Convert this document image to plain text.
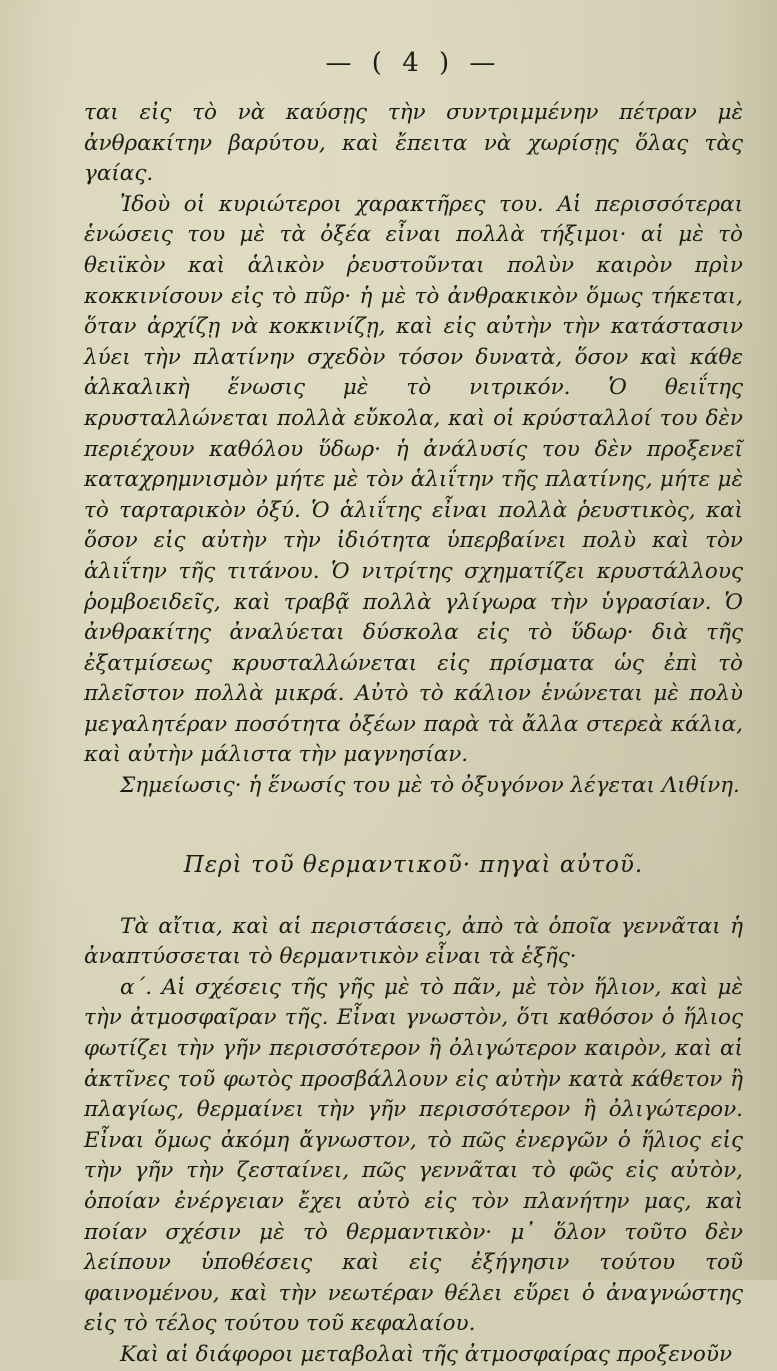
— ( 4 ) —

ται εἰς τὸ νὰ καύσῃς τὴν συντριμμένην πέτραν μὲ ἀνθρακίτην βαρύτου, καὶ ἔπειτα νὰ χωρίσῃς ὅλας τὰς γαίας.

Ἰδοὺ οἱ κυριώτεροι χαρακτῆρες του. Αἱ περισσότεραι ἑνώσεις του μὲ τὰ ὀξέα εἶναι πολλὰ τήξιμοι· αἱ μὲ τὸ θειϊκὸν καὶ ἁλικὸν ῥευστοῦνται πολὺν καιρὸν πρὶν κοκκινίσουν εἰς τὸ πῦρ· ἡ μὲ τὸ ἀνθρακικὸν ὅμως τήκεται, ὅταν ἀρχίζῃ νὰ κοκκινίζῃ, καὶ εἰς αὐτὴν τὴν κατάστασιν λύει τὴν πλατίνην σχεδὸν τόσον δυνατὰ, ὅσον καὶ κάθε ἀλκαλικὴ ἕνωσις μὲ τὸ νιτρικόν. Ὁ θειΐτης κρυσταλλώνεται πολλὰ εὔκολα, καὶ οἱ κρύσταλλοί του δὲν περιέχουν καθόλου ὕδωρ· ἡ ἀνάλυσίς του δὲν προξενεῖ καταχρημνισμὸν μήτε μὲ τὸν ἁλιΐτην τῆς πλατίνης, μήτε μὲ τὸ ταρταρικὸν ὀξύ. Ὁ ἁλιΐτης εἶναι πολλὰ ῥευστικὸς, καὶ ὅσον εἰς αὐτὴν τὴν ἰδιότητα ὑπερβαίνει πολὺ καὶ τὸν ἁλιΐτην τῆς τιτάνου. Ὁ νιτρίτης σχηματίζει κρυστάλλους ῥομβοειδεῖς, καὶ τραβᾷ πολλὰ γλίγωρα τὴν ὑγρασίαν. Ὁ ἀνθρακίτης ἀναλύεται δύσκολα εἰς τὸ ὕδωρ· διὰ τῆς ἐξατμίσεως κρυσταλλώνεται εἰς πρίσματα ὡς ἐπὶ τὸ πλεῖστον πολλὰ μικρά. Αὐτὸ τὸ κάλιον ἑνώνεται μὲ πολὺ μεγαλητέραν ποσότητα ὀξέων παρὰ τὰ ἄλλα στερεὰ κάλια, καὶ αὐτὴν μάλιστα τὴν μαγνησίαν.

Σημείωσις· ἡ ἕνωσίς του μὲ τὸ ὀξυγόνον λέγεται Λιθίνη.

Περὶ τοῦ θερμαντικοῦ· πηγαὶ αὐτοῦ.

Τὰ αἴτια, καὶ αἱ περιστάσεις, ἀπὸ τὰ ὁποῖα γεννᾶται ἡ ἀναπτύσσεται τὸ θερμαντικὸν εἶναι τὰ ἑξῆς·

α΄. Αἱ σχέσεις τῆς γῆς μὲ τὸ πᾶν, μὲ τὸν ἥλιον, καὶ μὲ τὴν ἀτμοσφαῖραν τῆς. Εἶναι γνωστὸν, ὅτι καθόσον ὁ ἥλιος φωτίζει τὴν γῆν περισσότερον ἢ ὀλιγώτερον καιρὸν, καὶ αἱ ἀκτῖνες τοῦ φωτὸς προσβάλλουν εἰς αὐτὴν κατὰ κάθετον ἢ πλαγίως, θερμαίνει τὴν γῆν περισσότερον ἢ ὀλιγώτερον. Εἶναι ὅμως ἀκόμη ἄγνωστον, τὸ πῶς ἐνεργῶν ὁ ἥλιος εἰς τὴν γῆν τὴν ζεσταίνει, πῶς γεννᾶται τὸ φῶς εἰς αὐτὸν, ὁποίαν ἐνέργειαν ἔχει αὐτὸ εἰς τὸν πλανήτην μας, καὶ ποίαν σχέσιν μὲ τὸ θερμαντικὸν· μ᾽ ὅλον τοῦτο δὲν λείπουν ὑποθέσεις καὶ εἰς ἐξήγησιν τούτου τοῦ φαινομένου, καὶ τὴν νεωτέραν θέλει εὕρει ὁ ἀναγνώστης εἰς τὸ τέλος τούτου τοῦ κεφαλαίου.

Καὶ αἱ διάφοροι μεταβολαὶ τῆς ἀτμοσφαίρας προξενοῦν
